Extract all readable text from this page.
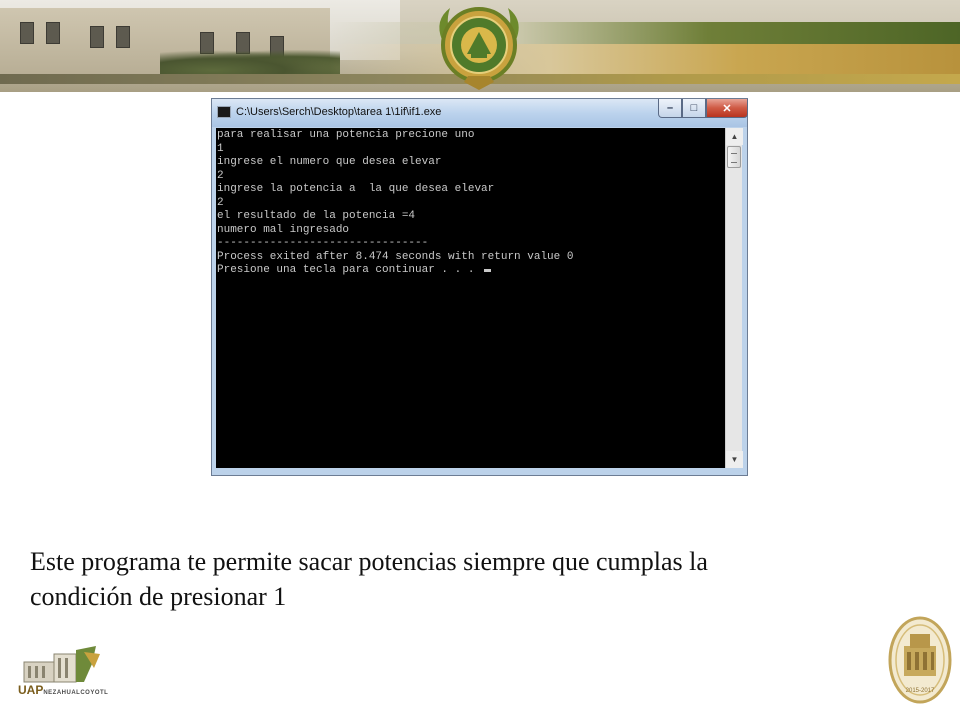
C:\Users\Serch\Desktop\tarea 1\1if\if1.exe	–	□	✕
para realisar una potencia precione uno
1
ingrese el numero que desea elevar
2
ingrese la potencia a  la que desea elevar
2
el resultado de la potencia =4
numero mal ingresado
--------------------------------
Process exited after 8.474 seconds with return value 0
Presione una tecla para continuar . . .
▲
▼
Este programa te permite sacar potencias siempre que cumplas la
condición de presionar 1
UAPNEZAHUALCOYOTL	2015-2017
